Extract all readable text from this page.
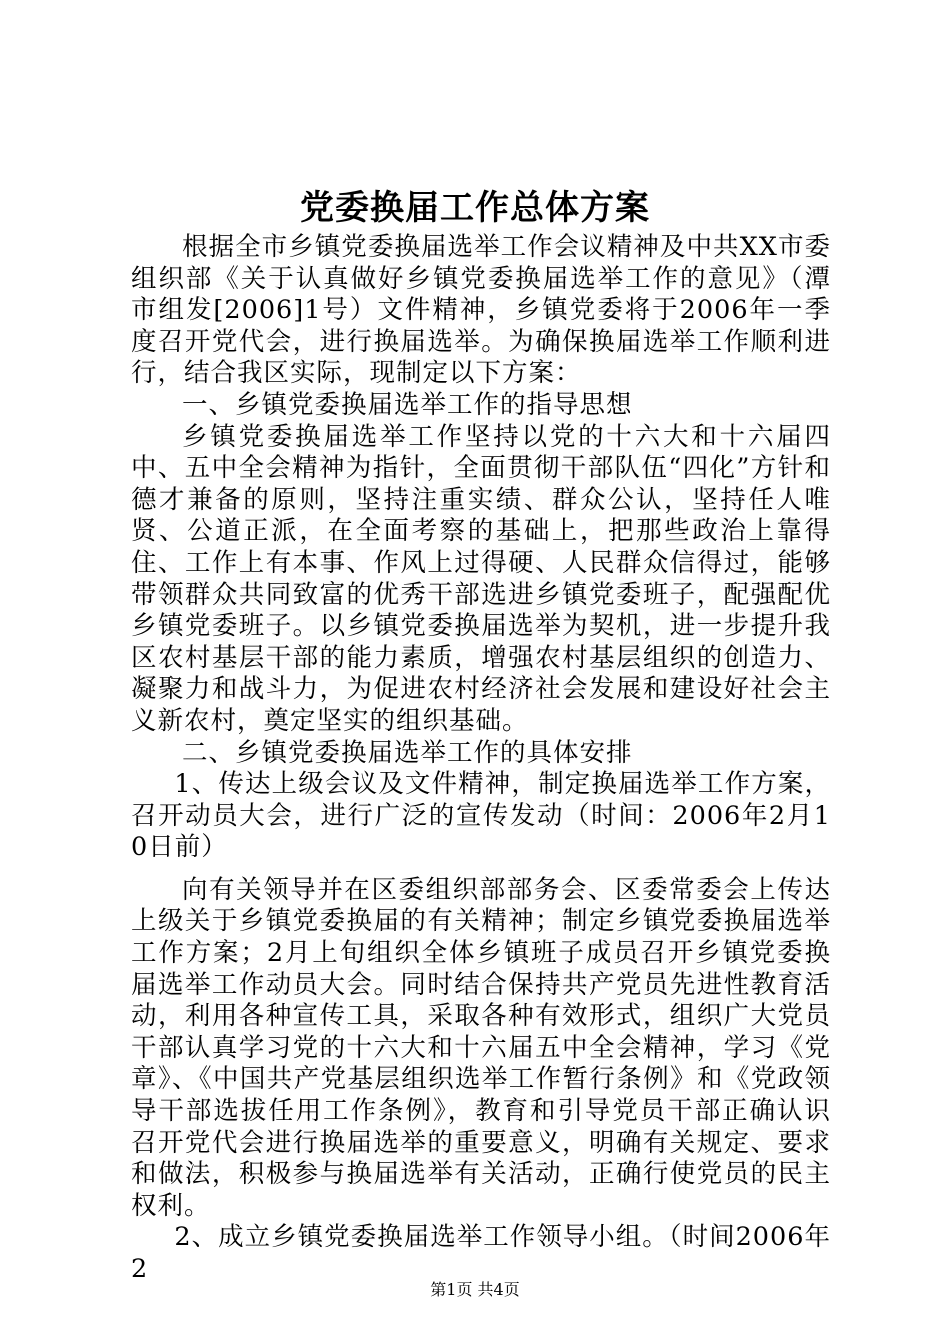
党委换届工作总体方案

根据全市乡镇党委换届选举工作会议精神及中共XX市委组织部《关于认真做好乡镇党委换届选举工作的意见》（潭市组发[2006]1号）文件精神，乡镇党委将于2006年一季度召开党代会，进行换届选举。为确保换届选举工作顺利进行，结合我区实际，现制定以下方案：

一、乡镇党委换届选举工作的指导思想

乡镇党委换届选举工作坚持以党的十六大和十六届四中、五中全会精神为指针，全面贯彻干部队伍“四化”方针和德才兼备的原则，坚持注重实绩、群众公认，坚持任人唯贤、公道正派，在全面考察的基础上，把那些政治上靠得住、工作上有本事、作风上过得硬、人民群众信得过，能够带领群众共同致富的优秀干部选进乡镇党委班子，配强配优乡镇党委班子。以乡镇党委换届选举为契机，进一步提升我区农村基层干部的能力素质，增强农村基层组织的创造力、凝聚力和战斗力，为促进农村经济社会发展和建设好社会主义新农村，奠定坚实的组织基础。

二、乡镇党委换届选举工作的具体安排

1、传达上级会议及文件精神，制定换届选举工作方案，召开动员大会，进行广泛的宣传发动（时间：2006年2月10日前）

向有关领导并在区委组织部部务会、区委常委会上传达上级关于乡镇党委换届的有关精神；制定乡镇党委换届选举工作方案；2月上旬组织全体乡镇班子成员召开乡镇党委换届选举工作动员大会。同时结合保持共产党员先进性教育活动，利用各种宣传工具，采取各种有效形式，组织广大党员干部认真学习党的十六大和十六届五中全会精神，学习《党章》、《中国共产党基层组织选举工作暂行条例》和《党政领导干部选拔任用工作条例》，教育和引导党员干部正确认识召开党代会进行换届选举的重要意义，明确有关规定、要求和做法，积极参与换届选举有关活动，正确行使党员的民主权利。

2、成立乡镇党委换届选举工作领导小组。（时间2006年2

第1页 共4页
